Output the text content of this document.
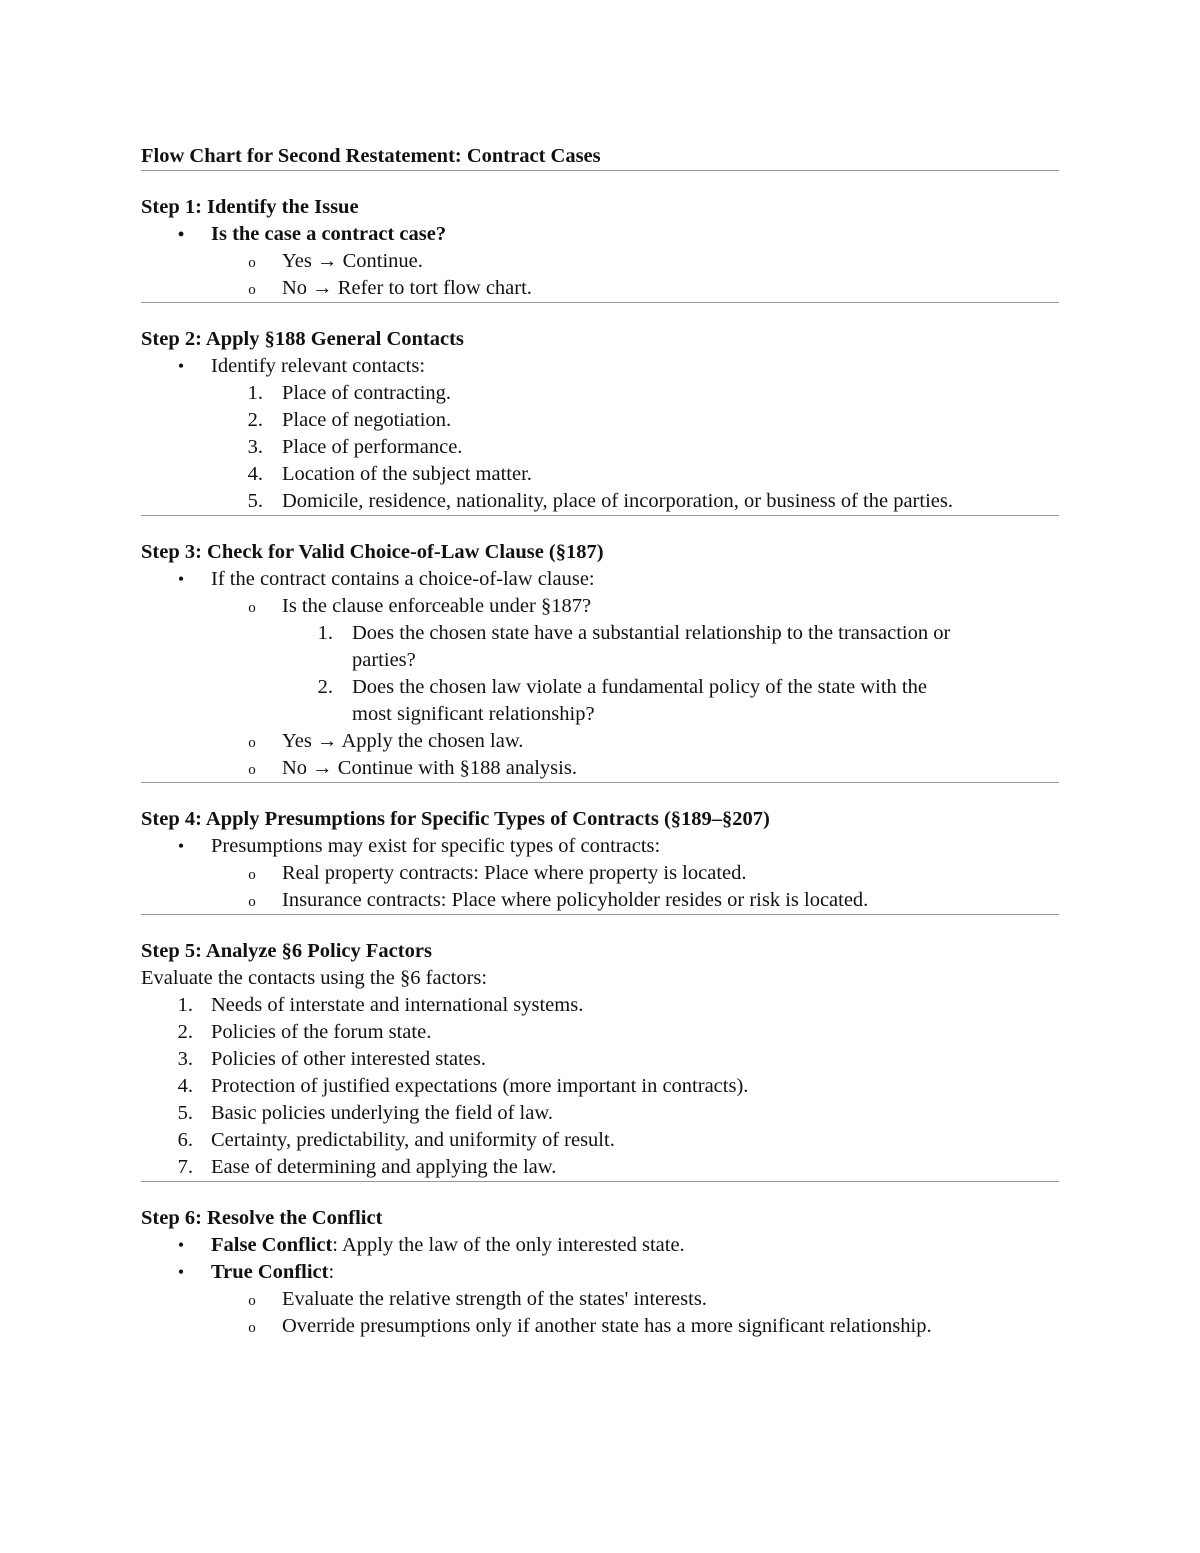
Flow Chart for Second Restatement: Contract Cases
Step 1: Identify the Issue
•	Is the case a contract case?
o	Yes → Continue.
o	No → Refer to tort flow chart.
Step 2: Apply §188 General Contacts
•	Identify relevant contacts:
1. Place of contracting.
2. Place of negotiation.
3. Place of performance.
4. Location of the subject matter.
5. Domicile, residence, nationality, place of incorporation, or business of the parties.
Step 3: Check for Valid Choice-of-Law Clause (§187)
•	If the contract contains a choice-of-law clause:
o	Is the clause enforceable under §187?
1. Does the chosen state have a substantial relationship to the transaction or
parties?
2. Does the chosen law violate a fundamental policy of the state with the
most significant relationship?
o	Yes → Apply the chosen law.
o	No → Continue with §188 analysis.
Step 4: Apply Presumptions for Specific Types of Contracts (§189–§207)
•	Presumptions may exist for specific types of contracts:
o	Real property contracts: Place where property is located.
o	Insurance contracts: Place where policyholder resides or risk is located.
Step 5: Analyze §6 Policy Factors
Evaluate the contacts using the §6 factors:
1. Needs of interstate and international systems.
2. Policies of the forum state.
3. Policies of other interested states.
4. Protection of justified expectations (more important in contracts).
5. Basic policies underlying the field of law.
6. Certainty, predictability, and uniformity of result.
7. Ease of determining and applying the law.
Step 6: Resolve the Conflict
•	False Conflict: Apply the law of the only interested state.
•	True Conflict:
o	Evaluate the relative strength of the states' interests.
o	Override presumptions only if another state has a more significant relationship.
